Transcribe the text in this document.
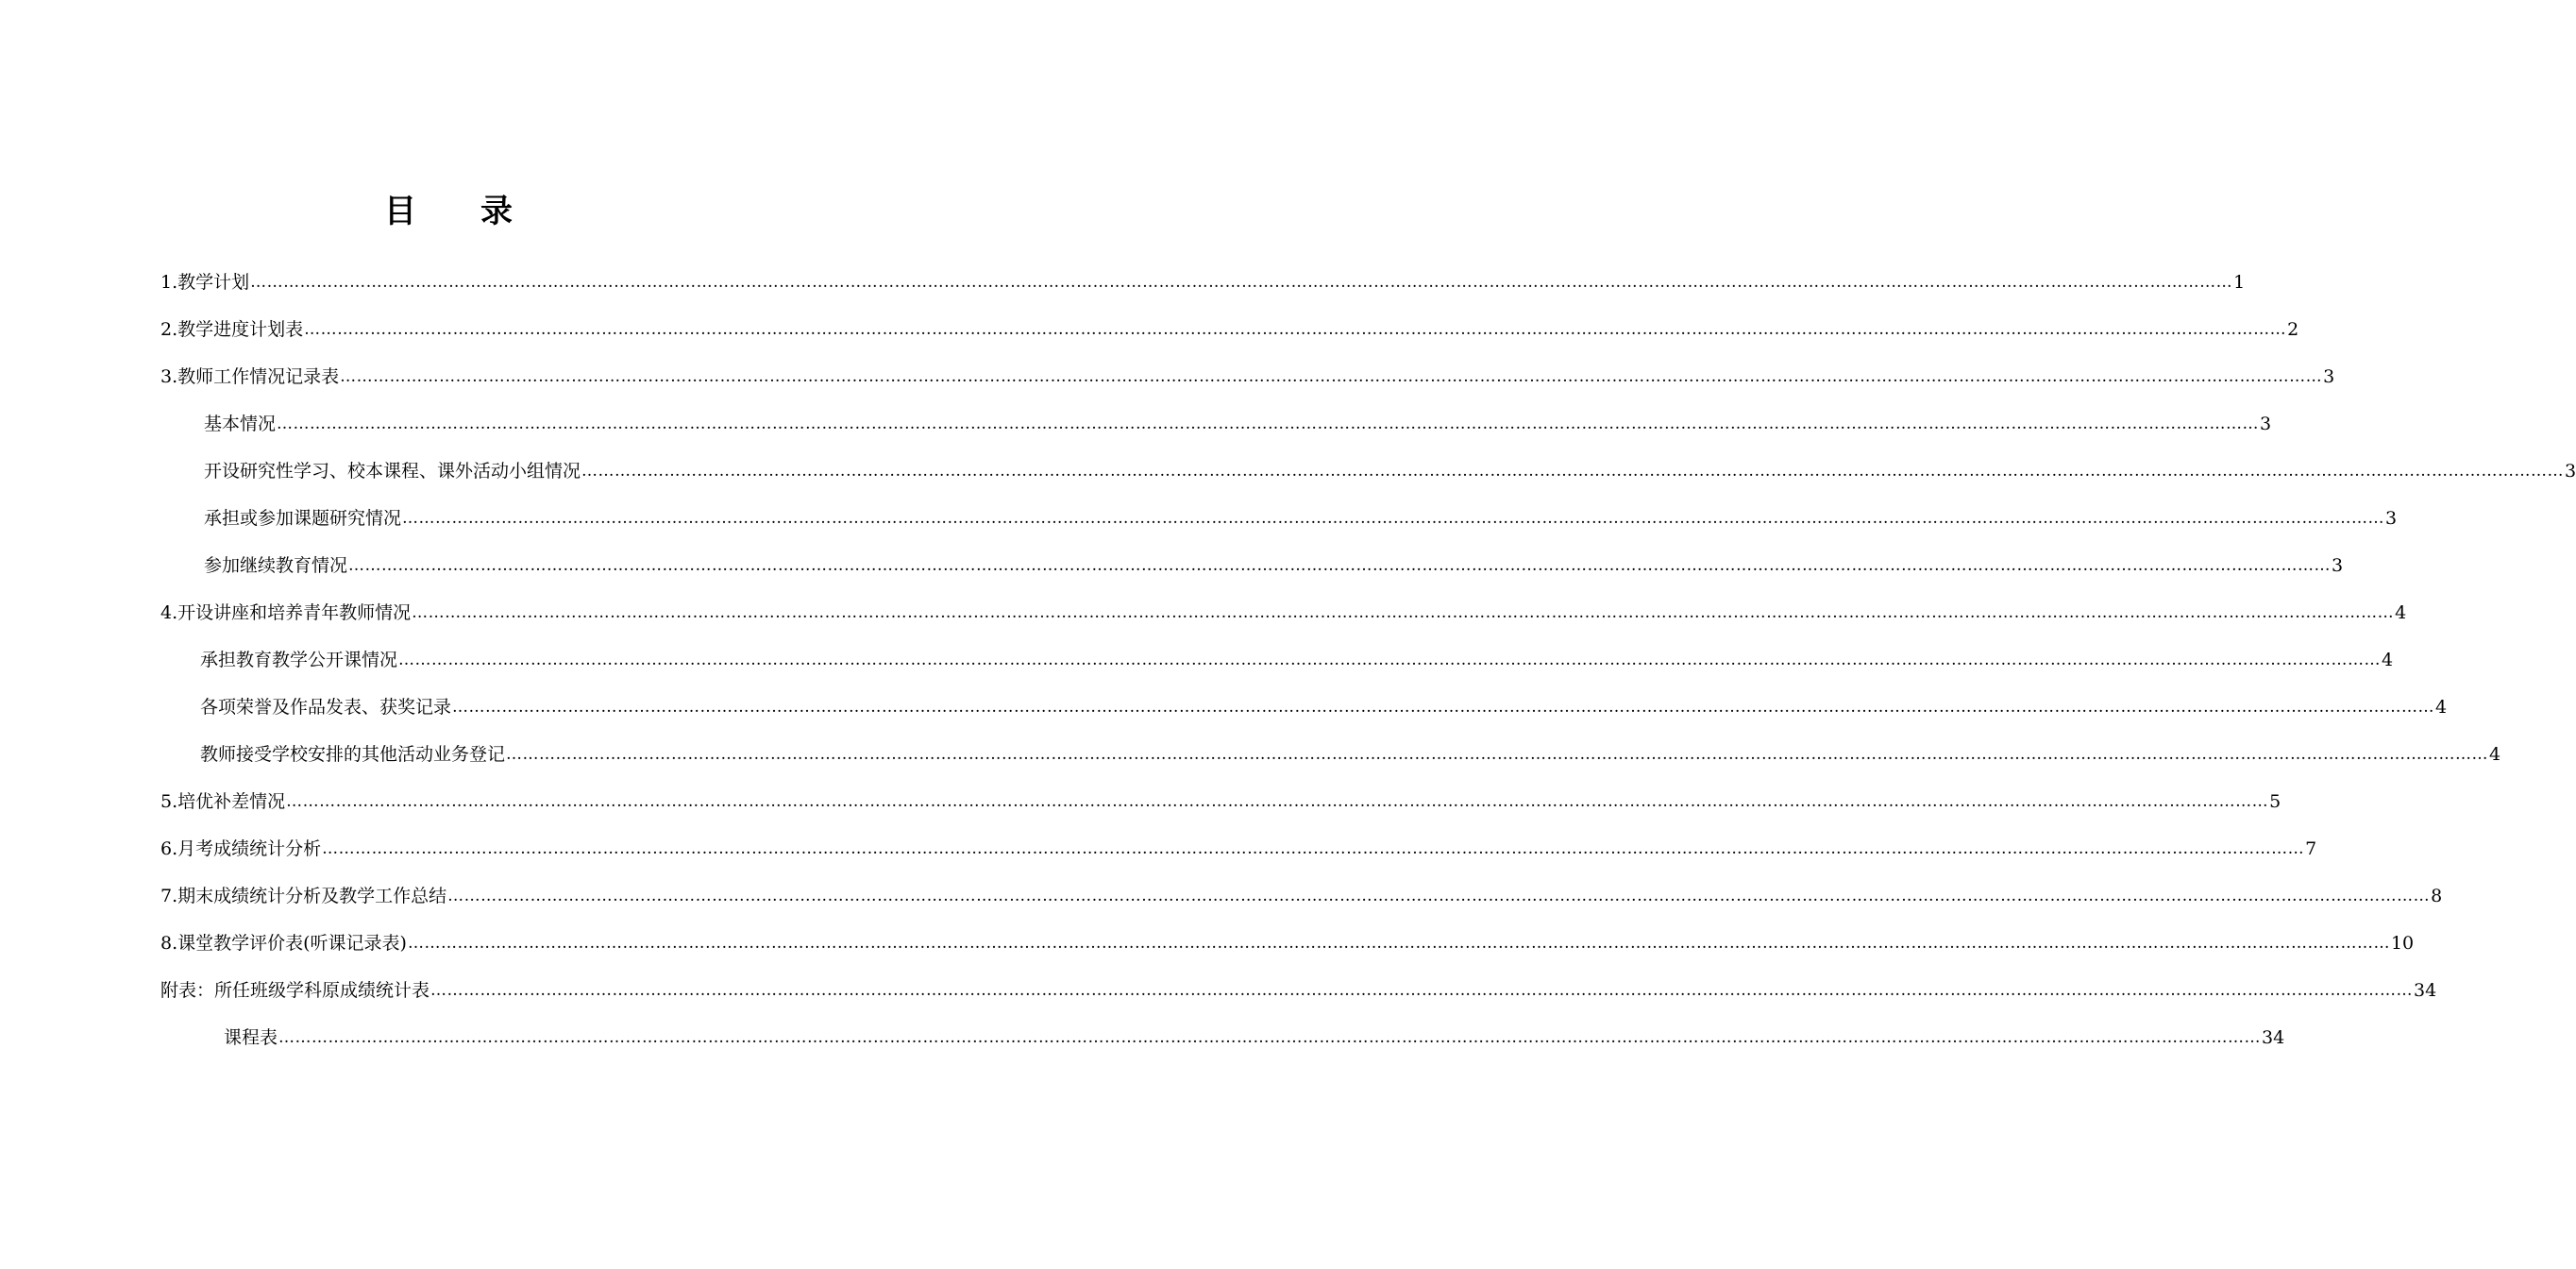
目 录
1.教学计划 ……………………………………………………………………………………………………………………………………………………………………………………………………………………………………………………………………………………………………………………………… 1
2.教学进度计划表 ……………………………………………………………………………………………………………………………………………………………………………………………………………………………………………………………………………………………………………………………… 2
3.教师工作情况记录表 ……………………………………………………………………………………………………………………………………………………………………………………………………………………………………………………………………………………………………………………………… 3
基本情况 ……………………………………………………………………………………………………………………………………………………………………………………………………………………………………………………………………………………………………………………………… 3
开设研究性学习、校本课程、课外活动小组情况 ……………………………………………………………………………………………………………………………………………………………………………………………………………………………………………………………………………………………………………………………… 3
承担或参加课题研究情况 ……………………………………………………………………………………………………………………………………………………………………………………………………………………………………………………………………………………………………………………………… 3
参加继续教育情况 ……………………………………………………………………………………………………………………………………………………………………………………………………………………………………………………………………………………………………………………………… 3
4.开设讲座和培养青年教师情况 ……………………………………………………………………………………………………………………………………………………………………………………………………………………………………………………………………………………………………………………………… 4
承担教育教学公开课情况 ……………………………………………………………………………………………………………………………………………………………………………………………………………………………………………………………………………………………………………………………… 4
各项荣誉及作品发表、获奖记录 ……………………………………………………………………………………………………………………………………………………………………………………………………………………………………………………………………………………………………………………………… 4
教师接受学校安排的其他活动业务登记 ……………………………………………………………………………………………………………………………………………………………………………………………………………………………………………………………………………………………………………………………… 4
5.培优补差情况 ……………………………………………………………………………………………………………………………………………………………………………………………………………………………………………………………………………………………………………………………… 5
6.月考成绩统计分析 ……………………………………………………………………………………………………………………………………………………………………………………………………………………………………………………………………………………………………………………………… 7
7.期末成绩统计分析及教学工作总结 ……………………………………………………………………………………………………………………………………………………………………………………………………………………………………………………………………………………………………………………………… 8
8.课堂教学评价表(听课记录表) ……………………………………………………………………………………………………………………………………………………………………………………………………………………………………………………………………………………………………………………………… 10
附表：所任班级学科原成绩统计表 ……………………………………………………………………………………………………………………………………………………………………………………………………………………………………………………………………………………………………………………………… 34
课程表 ……………………………………………………………………………………………………………………………………………………………………………………………………………………………………………………………………………………………………………………………… 34
